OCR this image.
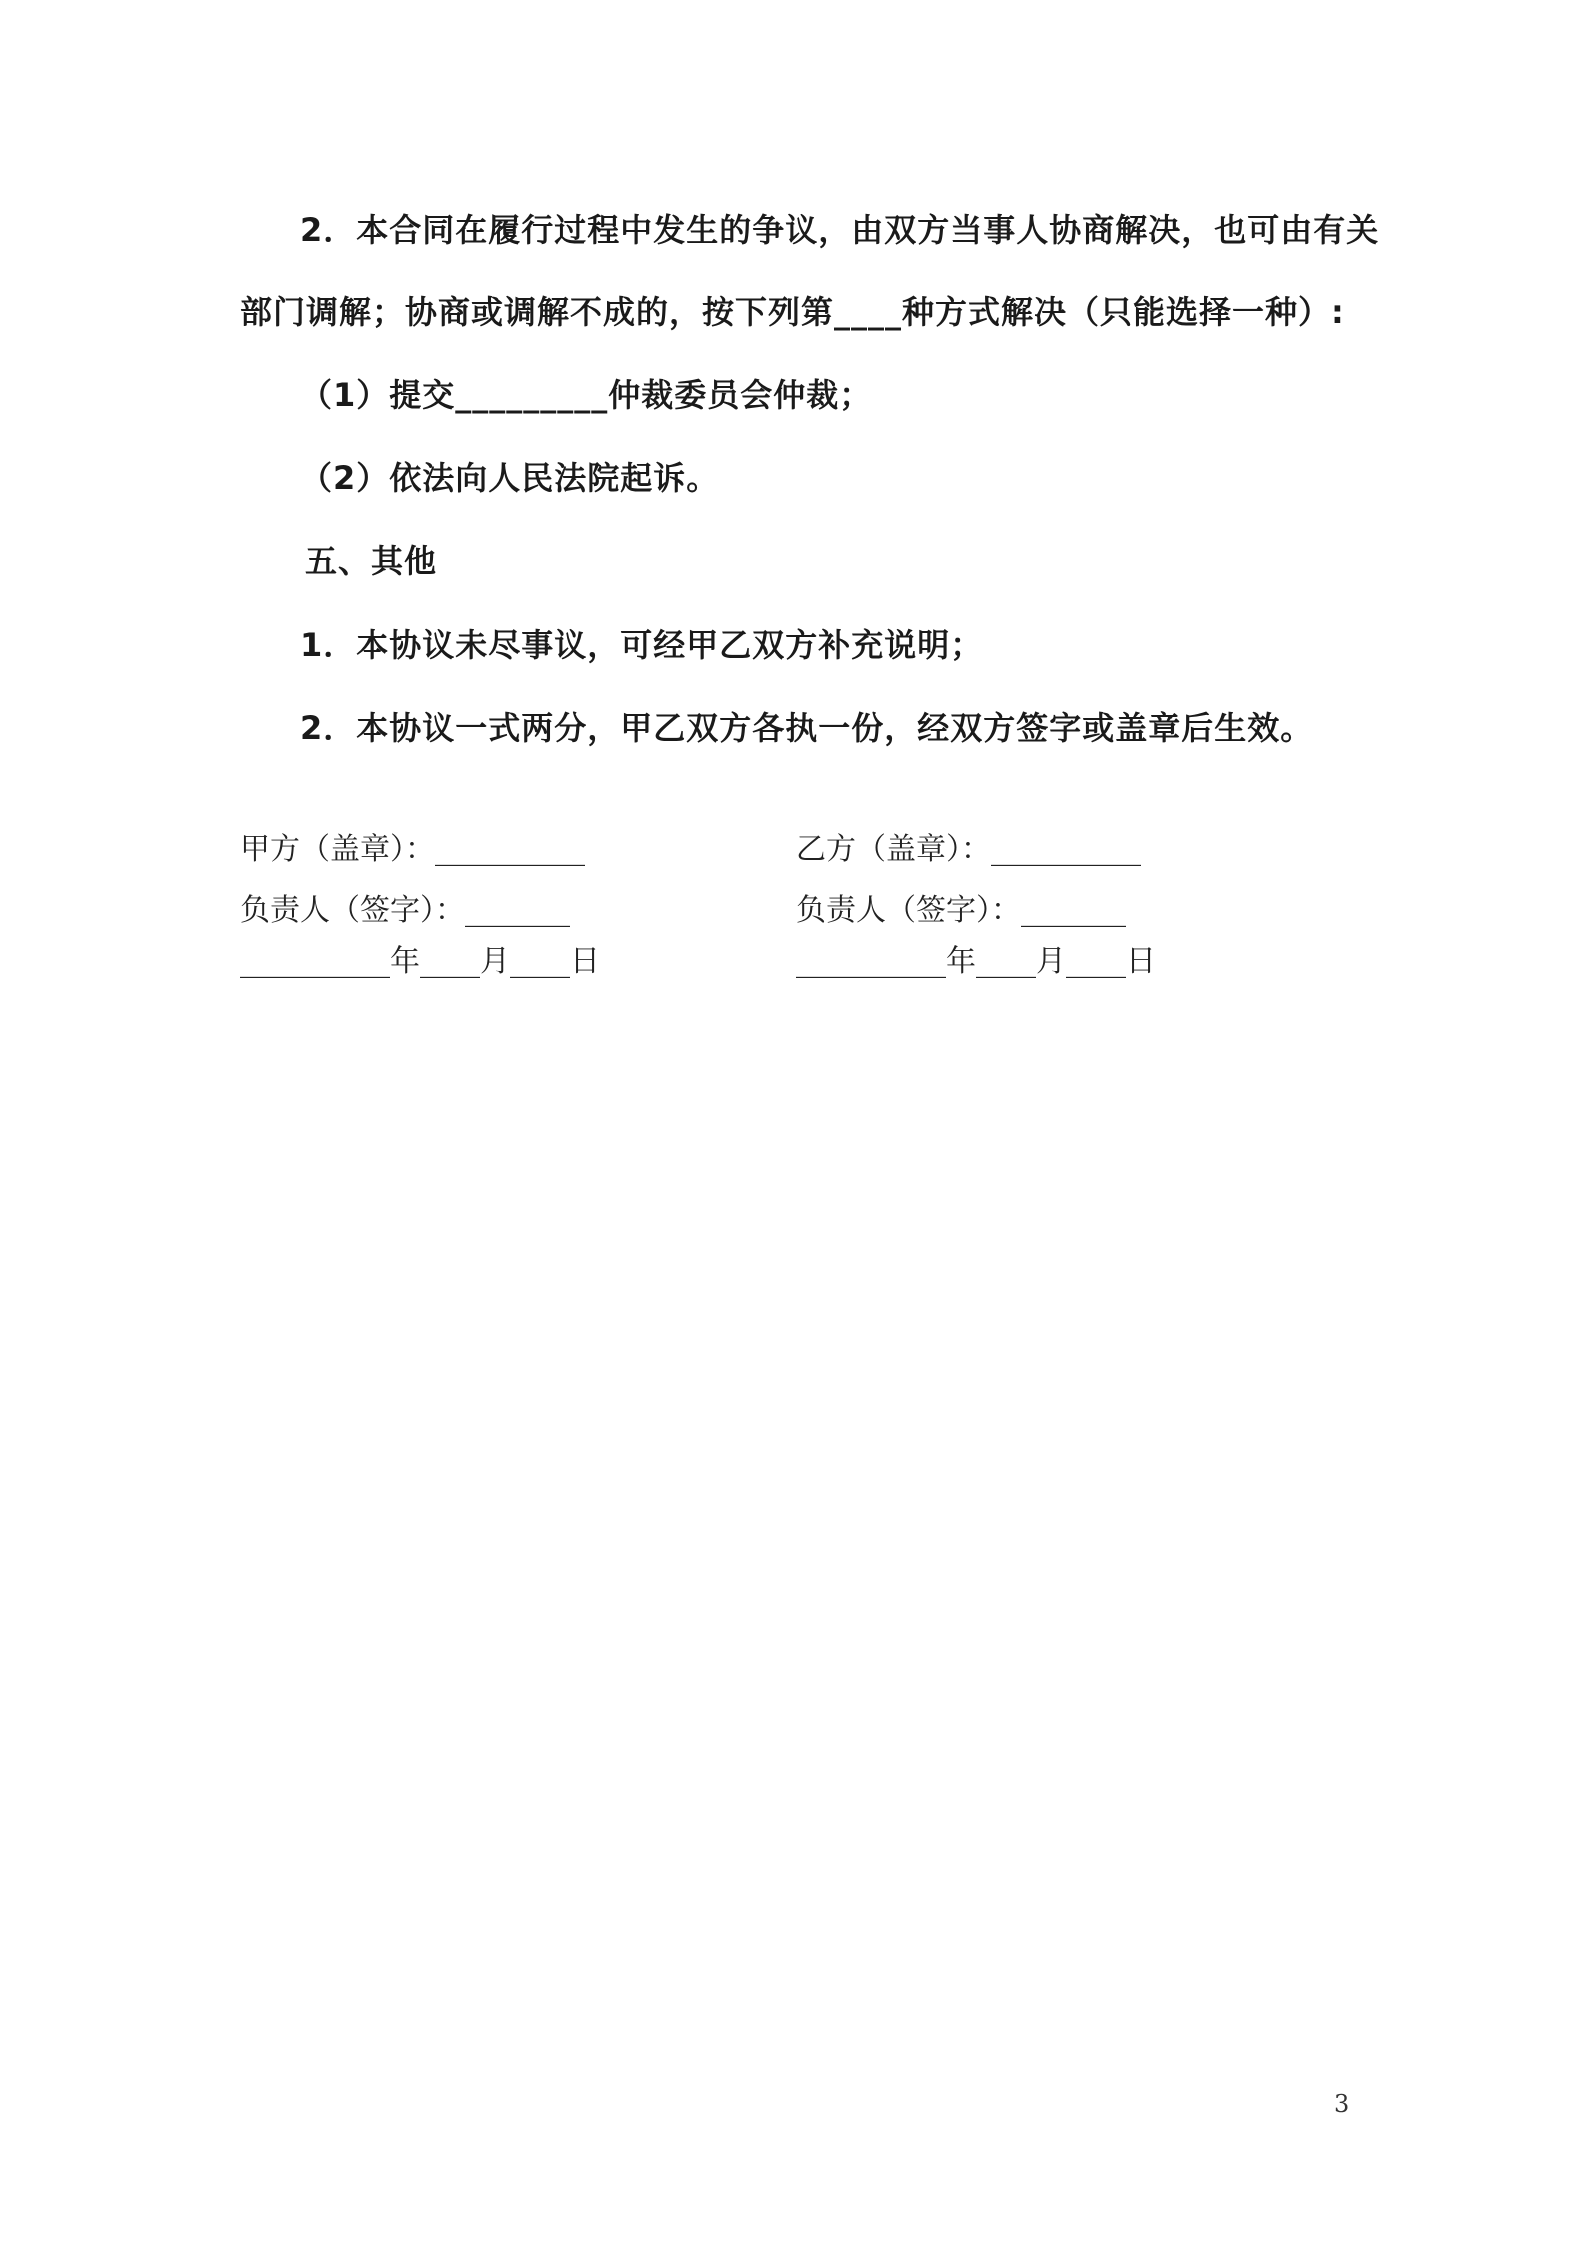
2．本合同在履行过程中发生的争议，由双方当事人协商解决，也可由有关
部门调解；协商或调解不成的，按下列第____种方式解决（只能选择一种）:
（1）提交_________仲裁委员会仲裁；
（2）依法向人民法院起诉。
五、其他
1．本协议未尽事议，可经甲乙双方补充说明；
2．本协议一式两分，甲乙双方各执一份，经双方签字或盖章后生效。
甲方（盖章）：__________
负责人（签字）：_______
__________年____月____日
乙方（盖章）：__________
负责人（签字）：_______
__________年____月____日
3
